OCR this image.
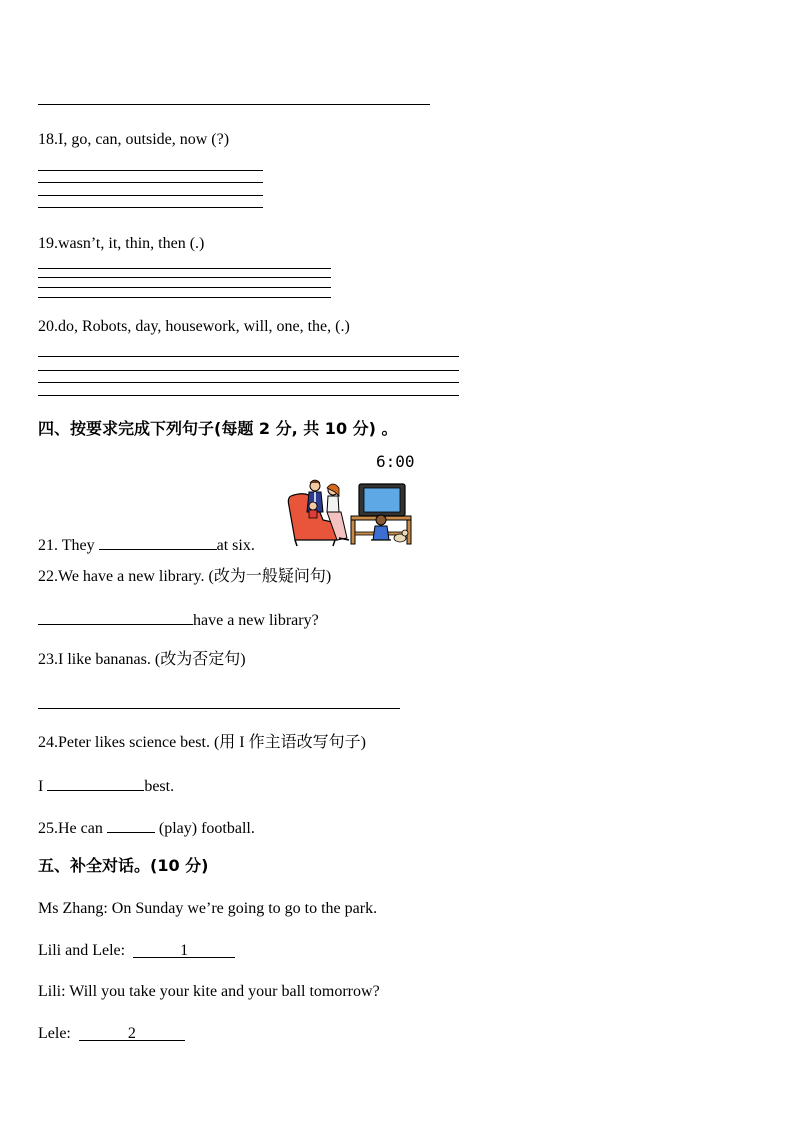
18.I, go, can, outside, now (?)
19.wasn’t, it, thin, then (.)
20.do, Robots, day, housework, will, one, the, (.)
四、按要求完成下列句子(每题 2 分, 共 10 分) 。
6:00
21. They	at six.
22.We have a new library. (改为一般疑问句)
have a new library?
23.I like bananas. (改为否定句)
24.Peter likes science best. (用 I 作主语改写句子)
I	best.
25.He can	(play) football.
五、补全对话。(10 分)
Ms Zhang: On Sunday we’re going to go to the park.
Lili and Lele:	1
Lili: Will you take your kite and your ball tomorrow?
Lele:	2
